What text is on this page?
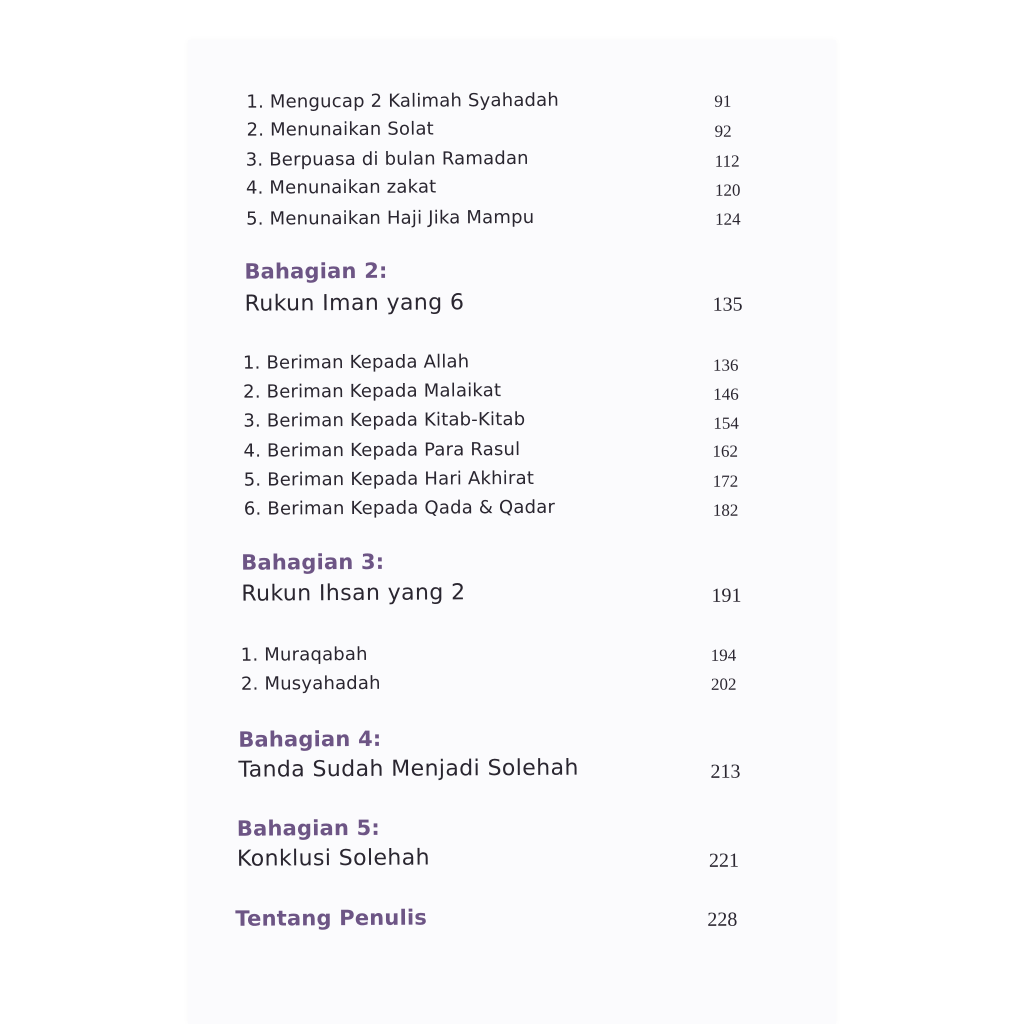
1. Mengucap 2 Kalimah Syahadah	91
2. Menunaikan Solat	92
3. Berpuasa di bulan Ramadan	112
4. Menunaikan zakat	120
5. Menunaikan Haji Jika Mampu	124
Bahagian 2:
Rukun Iman yang 6	135
1. Beriman Kepada Allah	136
2. Beriman Kepada Malaikat	146
3. Beriman Kepada Kitab-Kitab	154
4. Beriman Kepada Para Rasul	162
5. Beriman Kepada Hari Akhirat	172
6. Beriman Kepada Qada & Qadar	182
Bahagian 3:
Rukun Ihsan yang 2	191
1. Muraqabah	194
2. Musyahadah	202
Bahagian 4:
Tanda Sudah Menjadi Solehah	213
Bahagian 5:
Konklusi Solehah	221
Tentang Penulis	228
